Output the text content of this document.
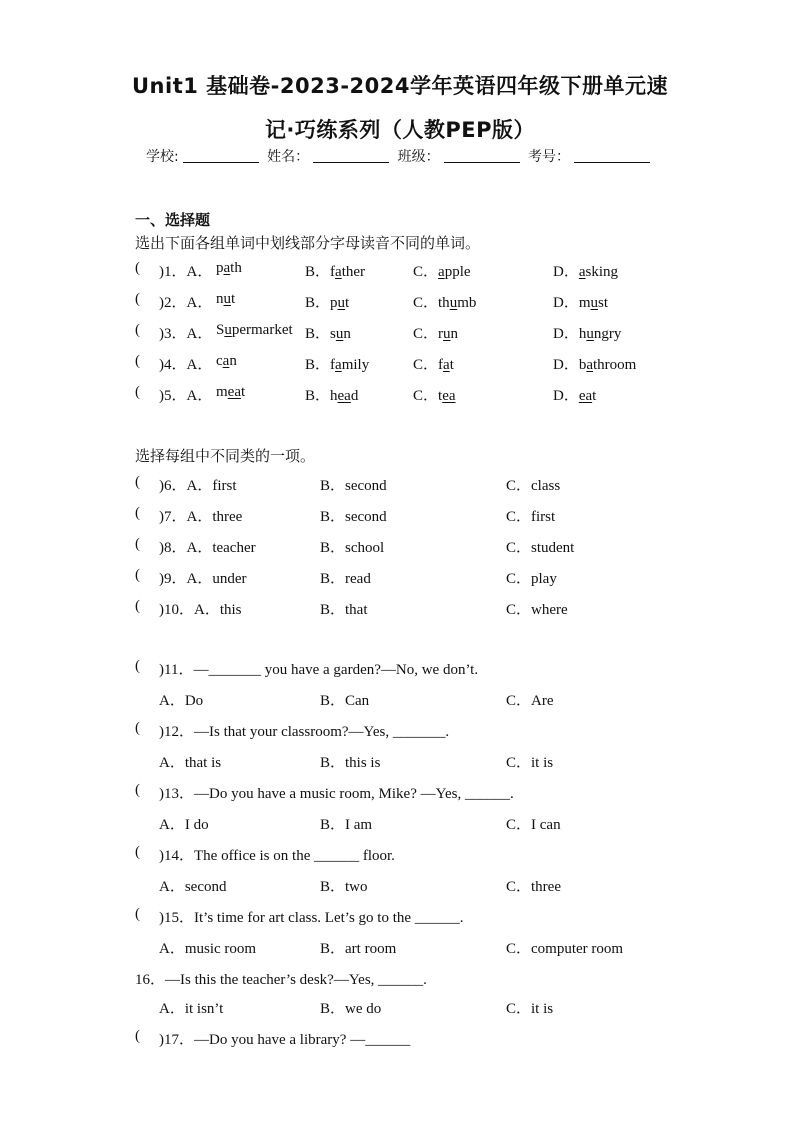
Unit1 基础卷-2023-2024学年英语四年级下册单元速
记·巧练系列（人教PEP版）
学校:	姓名：	班级：	考号：
一、选择题
选出下面各组单词中划线部分字母读音不同的单词。
( )1．A． path	B．father	C．apple	D．asking
( )2．A． nut	B．put	C．thumb	D．must
( )3．A． Supermarket B．sun	C．run	D．hungry
( )4．A． can	B．family	C．fat	D．bathroom
( )5．A． meat	B．head	C．tea	D．eat
选择每组中不同类的一项。
( )6．A．first	B．second	C．class
( )7．A．three	B．second	C．first
( )8．A．teacher	B．school	C．student
( )9．A．under	B．read	C．play
( )10．A．this	B．that	C．where
( )11．—_______ you have a garden?—No, we don’t.
A．Do	B．Can	C．Are
( )12．—Is that your classroom?—Yes, _______.
A．that is	B．this is	C．it is
( )13．—Do you have a music room, Mike? —Yes, ______.
A．I do	B．I am	C．I can
( )14．The office is on the ______ floor.
A．second	B．two	C．three
( )15．It’s time for art class. Let’s go to the ______.
A．music room	B．art room	C．computer room
16．—Is this the teacher’s desk?—Yes, ______.
A．it isn’t	B．we do	C．it is
( )17．—Do you have a library? —______
